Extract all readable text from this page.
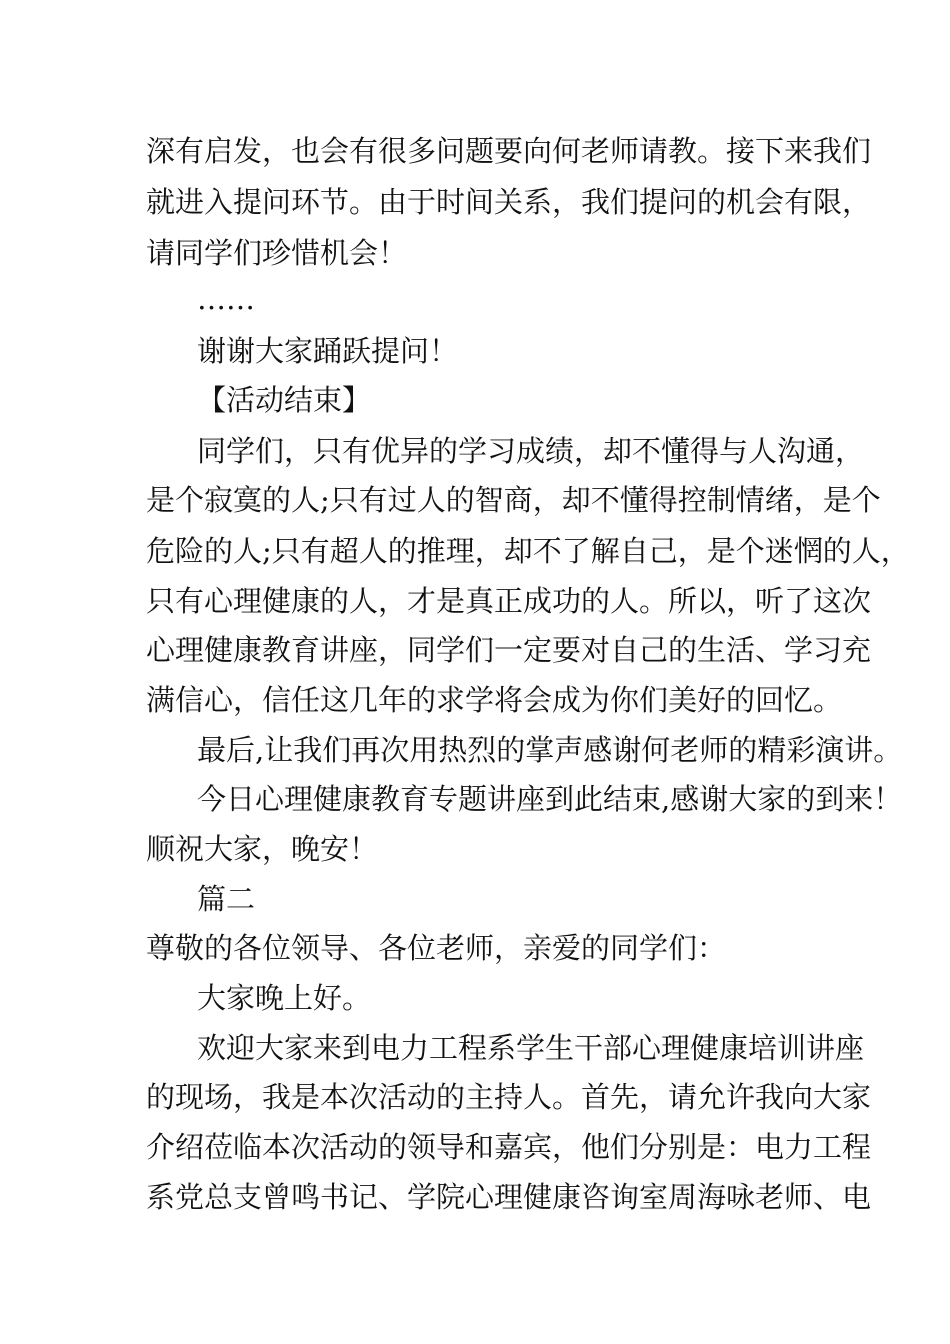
深有启发，也会有很多问题要向何老师请教。接下来我们
就进入提问环节。由于时间关系，我们提问的机会有限，
请同学们珍惜机会！
……
谢谢大家踊跃提问！
【活动结束】
同学们，只有优异的学习成绩，却不懂得与人沟通，
是个寂寞的人;只有过人的智商，却不懂得控制情绪，是个
危险的人;只有超人的推理，却不了解自己，是个迷惘的人，
只有心理健康的人，才是真正成功的人。所以，听了这次
心理健康教育讲座，同学们一定要对自己的生活、学习充
满信心，信任这几年的求学将会成为你们美好的回忆。
最后,让我们再次用热烈的掌声感谢何老师的精彩演讲。
今日心理健康教育专题讲座到此结束,感谢大家的到来！
顺祝大家，晚安！
篇二
尊敬的各位领导、各位老师，亲爱的同学们：
大家晚上好。
欢迎大家来到电力工程系学生干部心理健康培训讲座
的现场，我是本次活动的主持人。首先，请允许我向大家
介绍莅临本次活动的领导和嘉宾，他们分别是：电力工程
系党总支曾鸣书记、学院心理健康咨询室周海咏老师、电
